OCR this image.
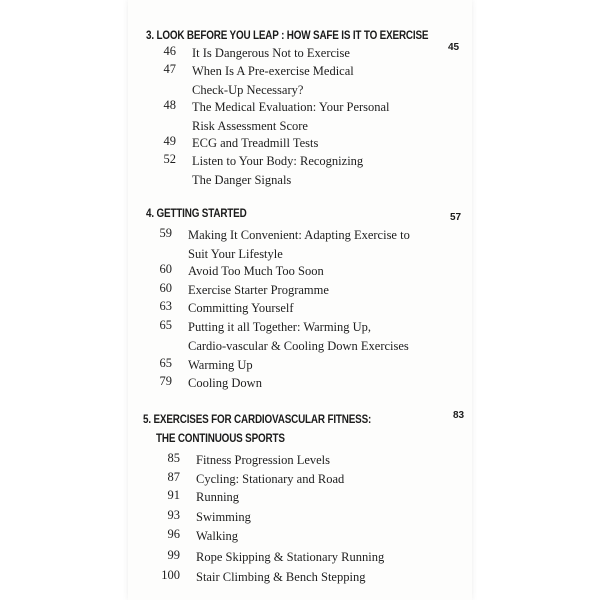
3. LOOK BEFORE YOU LEAP : HOW SAFE IS IT TO EXERCISE
45
46 It Is Dangerous Not to Exercise
47 When Is A Pre-exercise Medical
Check-Up Necessary?
48 The Medical Evaluation: Your Personal
Risk Assessment Score
49 ECG and Treadmill Tests
52 Listen to Your Body: Recognizing
The Danger Signals
4. GETTING STARTED	57
59 Making It Convenient: Adapting Exercise to
Suit Your Lifestyle
60 Avoid Too Much Too Soon
60 Exercise Starter Programme
63 Committing Yourself
65 Putting it all Together: Warming Up,
Cardio-vascular & Cooling Down Exercises
65 Warming Up
79 Cooling Down
5. EXERCISES FOR CARDIOVASCULAR FITNESS:
THE CONTINUOUS SPORTS
83
85 Fitness Progression Levels
87 Cycling: Stationary and Road
91 Running
93 Swimming
96 Walking
99 Rope Skipping & Stationary Running
100 Stair Climbing & Bench Stepping
